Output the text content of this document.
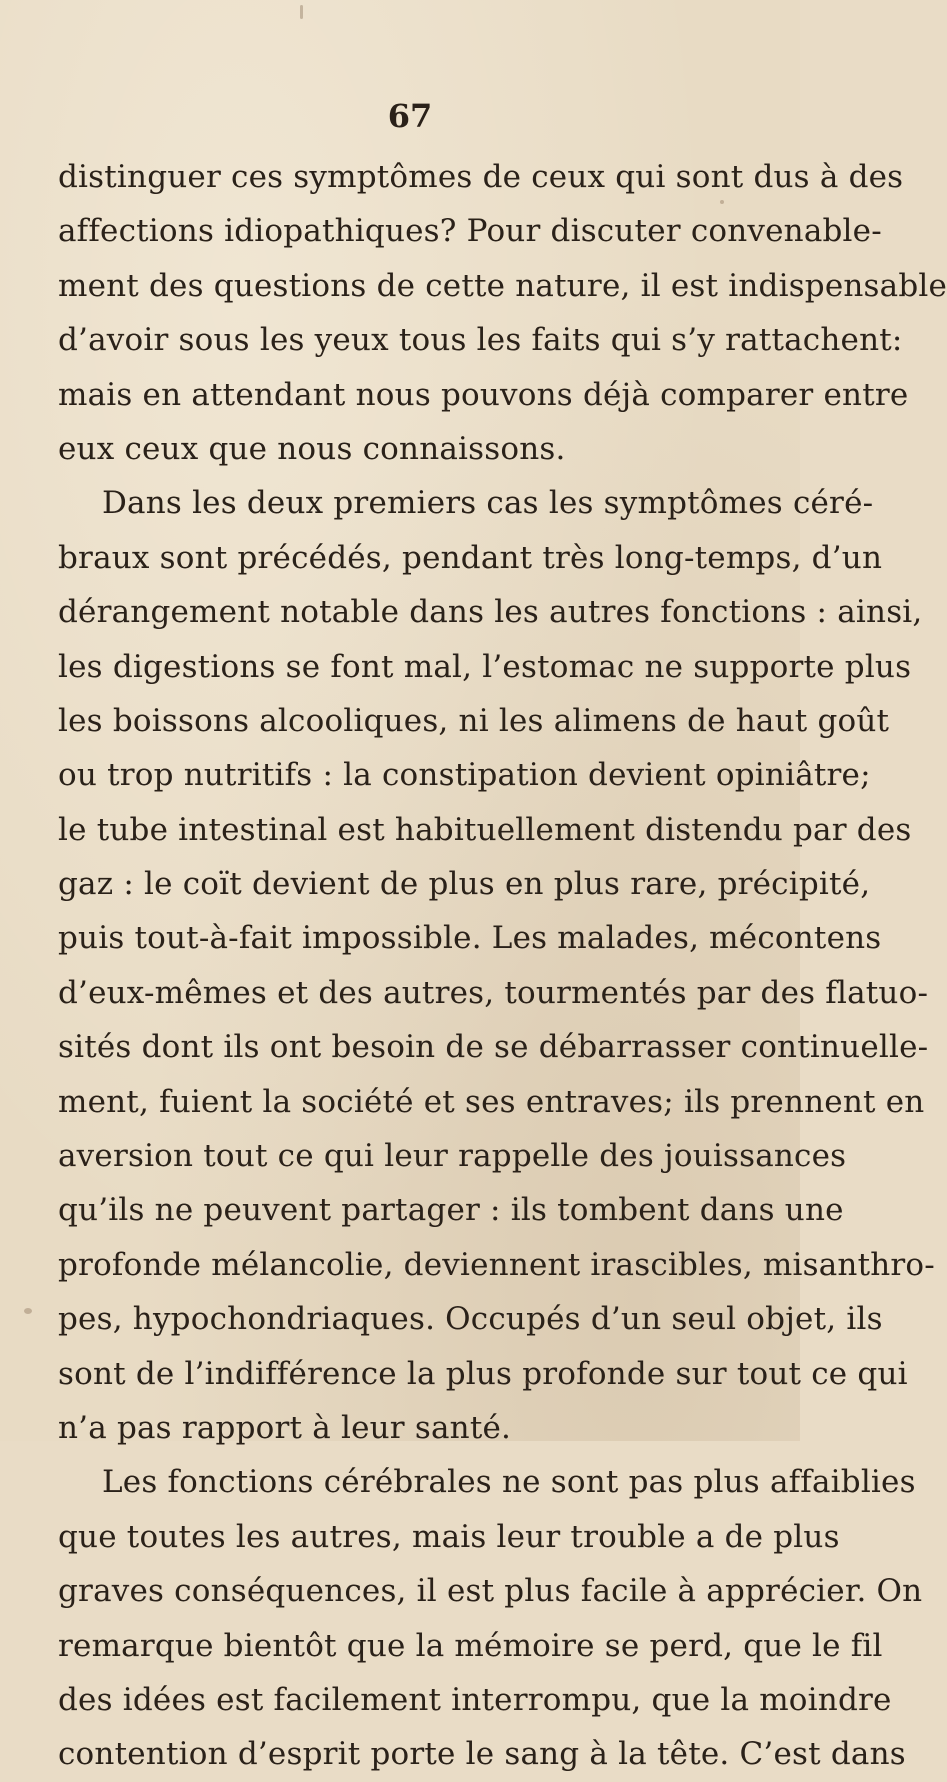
67
distinguer ces symptômes de ceux qui sont dus à des
affections idiopathiques? Pour discuter convenable-
ment des questions de cette nature, il est indispensable
d’avoir sous les yeux tous les faits qui s’y rattachent:
mais en attendant nous pouvons déjà comparer entre
eux ceux que nous connaissons.
Dans les deux premiers cas les symptômes céré-
braux sont précédés, pendant très long-temps, d’un
dérangement notable dans les autres fonctions : ainsi,
les digestions se font mal, l’estomac ne supporte plus
les boissons alcooliques, ni les alimens de haut goût
ou trop nutritifs : la constipation devient opiniâtre;
le tube intestinal est habituellement distendu par des
gaz : le coït devient de plus en plus rare, précipité,
puis tout-à-fait impossible. Les malades, mécontens
d’eux-mêmes et des autres, tourmentés par des flatuo-
sités dont ils ont besoin de se débarrasser continuelle-
ment, fuient la société et ses entraves; ils prennent en
aversion tout ce qui leur rappelle des jouissances
qu’ils ne peuvent partager : ils tombent dans une
profonde mélancolie, deviennent irascibles, misanthro-
pes, hypochondriaques. Occupés d’un seul objet, ils
sont de l’indifférence la plus profonde sur tout ce qui
n’a pas rapport à leur santé.
Les fonctions cérébrales ne sont pas plus affaiblies
que toutes les autres, mais leur trouble a de plus
graves conséquences, il est plus facile à apprécier. On
remarque bientôt que la mémoire se perd, que le fil
des idées est facilement interrompu, que la moindre
contention d’esprit porte le sang à la tête. C’est dans
